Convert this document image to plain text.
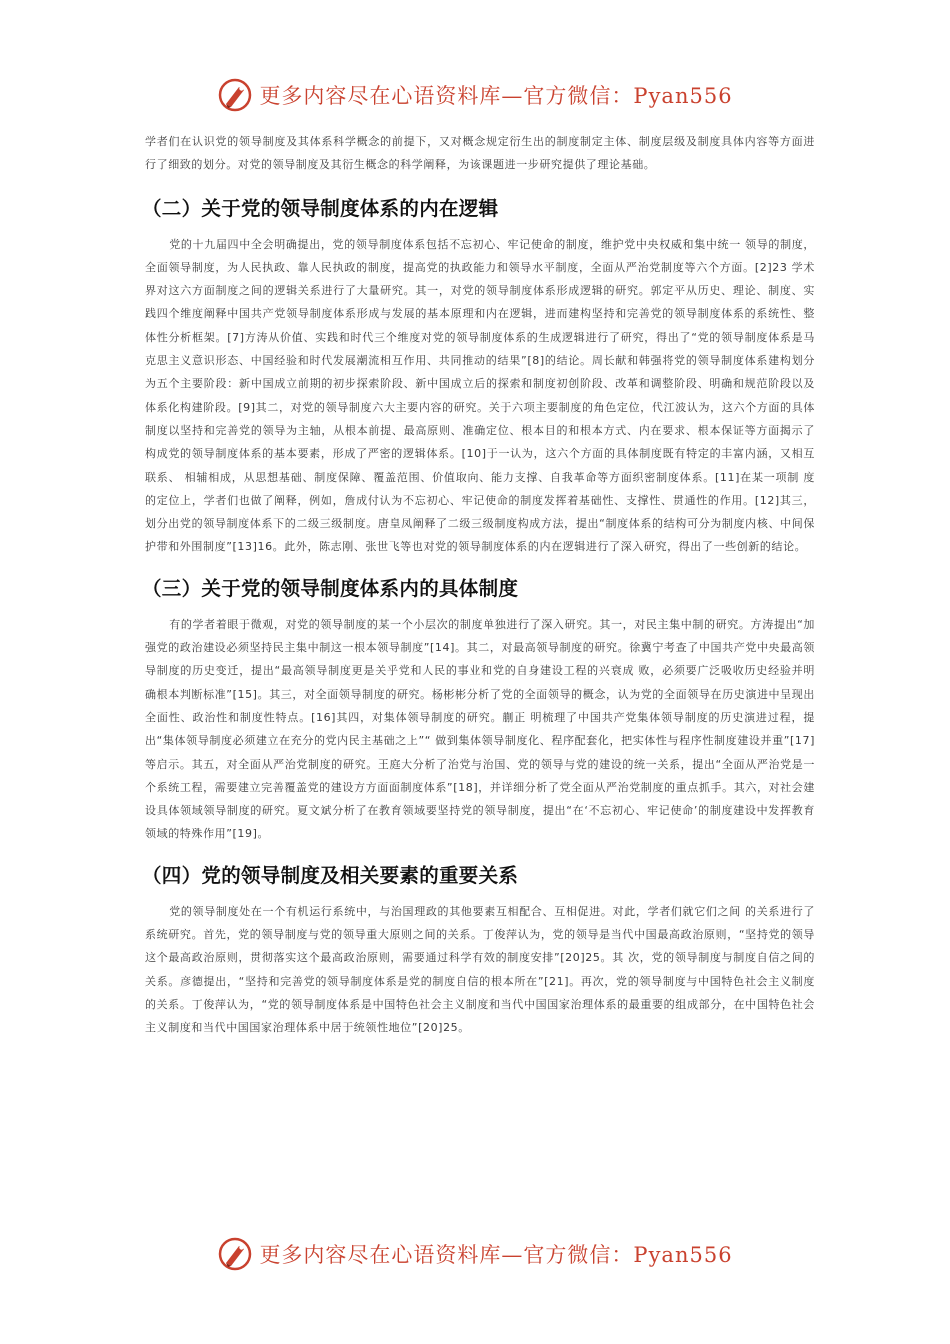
更多内容尽在心语资料库—官方微信：Pyan556

学者们在认识党的领导制度及其体系科学概念的前提下，又对概念规定衍生出的制度制定主体、制度层级及制度具体内容等方面进行了细致的划分。对党的领导制度及其衍生概念的科学阐释，为该课题进一步研究提供了理论基础。

（二）关于党的领导制度体系的内在逻辑

党的十九届四中全会明确提出，党的领导制度体系包括不忘初心、牢记使命的制度，维护党中央权威和集中统一 领导的制度，全面领导制度，为人民执政、靠人民执政的制度，提高党的执政能力和领导水平制度，全面从严治党制度等六个方面。[2]23 学术界对这六方面制度之间的逻辑关系进行了大量研究。其一，对党的领导制度体系形成逻辑的研究。郭定平从历史、理论、制度、实践四个维度阐释中国共产党领导制度体系形成与发展的基本原理和内在逻辑，进而建构坚持和完善党的领导制度体系的系统性、整体性分析框架。[7]方涛从价值、实践和时代三个维度对党的领导制度体系的生成逻辑进行了研究，得出了“党的领导制度体系是马克思主义意识形态、中国经验和时代发展潮流相互作用、共同推动的结果”[8]的结论。周长献和韩强将党的领导制度体系建构划分为五个主要阶段：新中国成立前期的初步探索阶段、新中国成立后的探索和制度初创阶段、改革和调整阶段、明确和规范阶段以及体系化构建阶段。[9]其二，对党的领导制度六大主要内容的研究。关于六项主要制度的角色定位，代江波认为，这六个方面的具体制度以坚持和完善党的领导为主轴，从根本前提、最高原则、准确定位、根本目的和根本方式、内在要求、根本保证等方面揭示了构成党的领导制度体系的基本要素，形成了严密的逻辑体系。[10]于⼀认为，这六个方面的具体制度既有特定的丰富内涵，又相互联系、 相辅相成，从思想基础、制度保障、覆盖范围、价值取向、能力支撑、自我革命等方面织密制度体系。[11]在某一项制 度的定位上，学者们也做了阐释，例如，詹成付认为不忘初心、牢记使命的制度发挥着基础性、支撑性、贯通性的作用。[12]其三，划分出党的领导制度体系下的二级三级制度。唐皇凤阐释了二级三级制度构成方法，提出“制度体系的结构可分为制度内核、中间保护带和外围制度”[13]16。此外，陈志刚、张世飞等也对党的领导制度体系的内在逻辑进行了深入研究，得出了一些创新的结论。

（三）关于党的领导制度体系内的具体制度

有的学者着眼于微观，对党的领导制度的某一个小层次的制度单独进行了深入研究。其一，对民主集中制的研究。方涛提出“加强党的政治建设必须坚持民主集中制这一根本领导制度”[14]。其二，对最高领导制度的研究。徐冀宁考查了中国共产党中央最高领导制度的历史变迁，提出“最高领导制度更是关乎党和人民的事业和党的自身建设工程的兴衰成 败，必须要广泛吸收历史经验并明确根本判断标准”[15]。其三，对全面领导制度的研究。杨彬彬分析了党的全面领导的概念，认为党的全面领导在历史演进中呈现出全面性、政治性和制度性特点。[16]其四，对集体领导制度的研究。蒯正 明梳理了中国共产党集体领导制度的历史演进过程，提出“集体领导制度必须建立在充分的党内民主基础之上”“ 做到集体领导制度化、程序配套化，把实体性与程序性制度建设并重”[17]等启示。其五，对全面从严治党制度的研究。王庭大分析了治党与治国、党的领导与党的建设的统一关系，提出“全面从严治党是一个系统工程，需要建立完善覆盖党的建设方方面面制度体系”[18]，并详细分析了党全面从严治党制度的重点抓手。其六，对社会建设具体领域领导制度的研究。夏文斌分析了在教育领域要坚持党的领导制度，提出“在‘不忘初心、牢记使命’的制度建设中发挥教育领域的特殊作用”[19]。

（四）党的领导制度及相关要素的重要关系

党的领导制度处在一个有机运行系统中，与治国理政的其他要素互相配合、互相促进。对此，学者们就它们之间 的关系进行了系统研究。首先，党的领导制度与党的领导重大原则之间的关系。丁俊萍认为，党的领导是当代中国最高政治原则，“坚持党的领导这个最高政治原则，贯彻落实这个最高政治原则，需要通过科学有效的制度安排”[20]25。其 次，党的领导制度与制度自信之间的关系。彦德提出，“坚持和完善党的领导制度体系是党的制度自信的根本所在”[21]。再次，党的领导制度与中国特色社会主义制度的关系。丁俊萍认为，“党的领导制度体系是中国特色社会主义制度和当代中国国家治理体系的最重要的组成部分，在中国特色社会主义制度和当代中国国家治理体系中居于统领性地位”[20]25。

更多内容尽在心语资料库—官方微信：Pyan556
